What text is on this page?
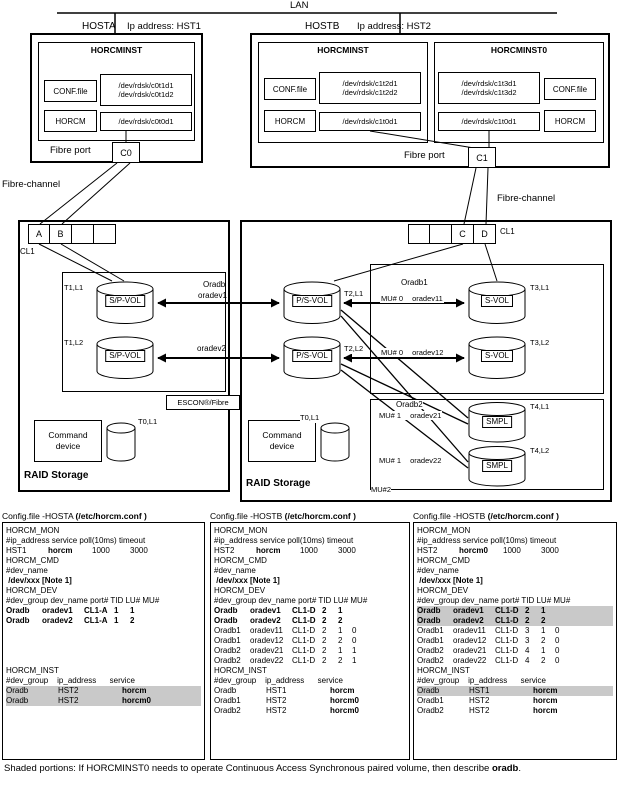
LAN
HOSTA Ip address: HST1
HORCMINST
CONF.file
/dev/rdsk/c0t1d1
/dev/rdsk/c0t1d2
HORCM	/dev/rdsk/c0t0d1
Fibre port	C0
HOSTB Ip address: HST2
HORCMINST
CONF.file
/dev/rdsk/c1t2d1
/dev/rdsk/c1t2d2
HORCM	/dev/rdsk/c1t0d1
HORCMINST0
/dev/rdsk/c1t3d1
/dev/rdsk/c1t3d2	CONF.file
/dev/rdsk/c1t0d1	HORCM
Fibre port	C1
Fibre-channel
Fibre-channel
A	B
CL1
T1,L1
S/P-VOL
T1,L2
S/P-VOL
Command device
T0,L1
RAID Storage
Oradb
oradev1
oradev2
ESCON®/Fibre
C	D	CL1
P/S-VOL
T2,L1
P/S-VOL
T2,L2
Oradb1
MU# 0 oradev11	S-VOL
T3,L1
MU# 0 oradev12	S-VOL
T3,L2
Oradb2
MU# 1 oradev21
SMPL
T4,L1
MU# 1 oradev22
SMPL
T4,L2
MU#2
Command device
T0,L1
RAID Storage
Config.file -HOSTA (/etc/horcm.conf )
HORCM_MON
#ip_address service poll(10ms) timeout
HST1	horcm	1000	3000
HORCM_CMD
#dev_name
/dev/xxx [Note 1]
HORCM_DEV
#dev_group dev_name port# TID LU# MU#
Oradb	oradev1	CL1-A 1	1
Oradb	oradev2	CL1-A 1	2
HORCM_INST
#dev_group    ip_address      service
Oradb	HST2	horcm
Oradb	HST2	horcm0
Config.file -HOSTB (/etc/horcm.conf )
HORCM_MON
#ip_address service poll(10ms) timeout
HST2	horcm	1000	3000
HORCM_CMD
#dev_name
/dev/xxx [Note 1]
HORCM_DEV
#dev_group dev_name port# TID LU# MU#
Oradb	oradev1	CL1-D 2	1
Oradb	oradev2	CL1-D 2	2
Oradb1	oradev11	CL1-D 2	1	0
Oradb1	oradev12	CL1-D 2	2	0
Oradb2	oradev21	CL1-D 2	1	1
Oradb2	oradev22	CL1-D 2	2	1
HORCM_INST
#dev_group    ip_address      service
Oradb	HST1	horcm
Oradb1	HST2	horcm0
Oradb2	HST2	horcm0
Config.file -HOSTB (/etc/horcm.conf )
HORCM_MON
#ip_address service poll(10ms) timeout
HST2	horcm0	1000	3000
HORCM_CMD
#dev_name
/dev/xxx [Note 1]
HORCM_DEV
#dev_group dev_name port# TID LU# MU#
Oradb	oradev1	CL1-D 2	1
Oradb	oradev2	CL1-D 2	2
Oradb1	oradev11	CL1-D 3	1	0
Oradb1	oradev12	CL1-D 3	2	0
Oradb2	oradev21	CL1-D 4	1	0
Oradb2	oradev22	CL1-D 4	2	0
HORCM_INST
#dev_group    ip_address      service
Oradb	HST1	horcm
Oradb1	HST2	horcm
Oradb2	HST2	horcm
Shaded portions: If HORCMINST0 needs to operate Continuous Access Synchronous paired volume, then describe oradb.
